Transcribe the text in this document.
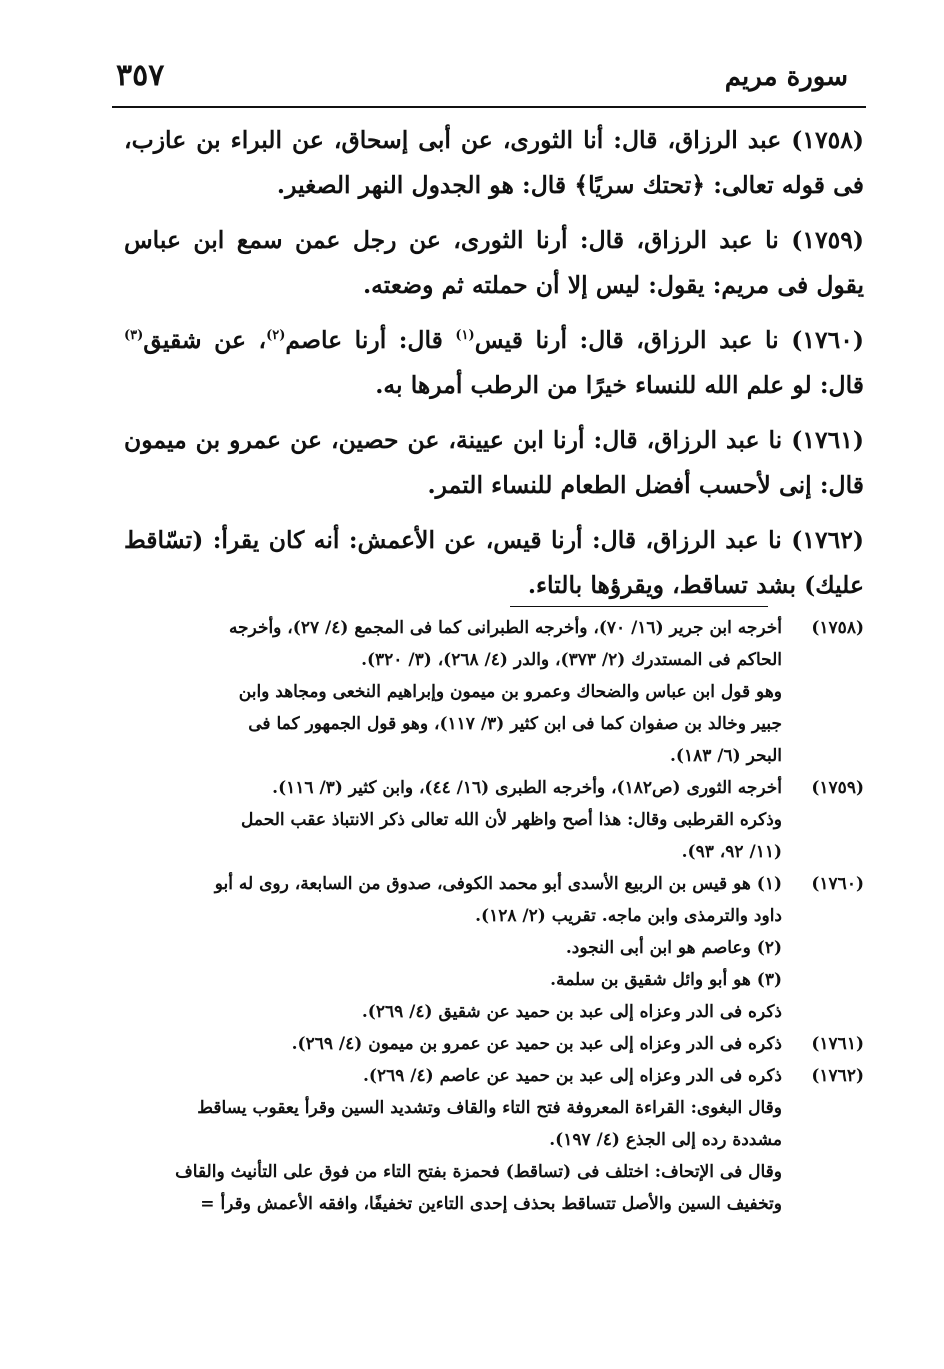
٣٥٧	سورة مريم

(١٧٥٨) عبد الرزاق، قال: أنا الثورى، عن أبى إسحاق، عن البراء بن عازب، فى قوله تعالى: ﴿تحتك سريًا﴾ قال: هو الجدول النهر الصغير.

(١٧٥٩) نا عبد الرزاق، قال: أرنا الثورى، عن رجل عمن سمع ابن عباس يقول فى مريم: يقول: ليس إلا أن حملته ثم وضعته.

(١٧٦٠) نا عبد الرزاق، قال: أرنا قيس$^{(١)}$ قال: أرنا عاصم$^{(٢)}$، عن شقيق$^{(٣)}$ قال: لو علم الله للنساء خيرًا من الرطب أمرها به.

(١٧٦١) نا عبد الرزاق، قال: أرنا ابن عيينة، عن حصين، عن عمرو بن ميمون قال: إنى لأحسب أفضل الطعام للنساء التمر.

(١٧٦٢) نا عبد الرزاق، قال: أرنا قيس، عن الأعمش: أنه كان يقرأ: (تسّاقط عليك) بشد تساقط، ويقرؤها بالتاء.

(١٧٥٨)
أخرجه ابن جرير (١٦/ ٧٠)، وأخرجه الطبرانى كما فى المجمع (٤/ ٢٧)، وأخرجه
الحاكم فى المستدرك (٢/ ٣٧٣)، والدر (٤/ ٢٦٨)، (٣/ ٣٢٠).
وهو قول ابن عباس والضحاك وعمرو بن ميمون وإبراهيم النخعى ومجاهد وابن
جبير وخالد بن صفوان كما فى ابن كثير (٣/ ١١٧)، وهو قول الجمهور كما فى
البحر (٦/ ١٨٣).
(١٧٥٩)
أخرجه الثورى (ص١٨٢)، وأخرجه الطبرى (١٦/ ٤٤)، وابن كثير (٣/ ١١٦).
وذكره القرطبى وقال: هذا أصح واظهر لأن الله تعالى ذكر الانتباذ عقب الحمل
(١١/ ٩٢، ٩٣).
(١٧٦٠)
(١) هو قيس بن الربيع الأسدى أبو محمد الكوفى، صدوق من السابعة، روى له أبو
داود والترمذى وابن ماجه. تقريب (٢/ ١٢٨).
(٢) وعاصم هو ابن أبى النجود.
(٣) هو أبو وائل شقيق بن سلمة.
ذكره فى الدر وعزاه إلى عبد بن حميد عن شقيق (٤/ ٢٦٩).
(١٧٦١)
ذكره فى الدر وعزاه إلى عبد بن حميد عن عمرو بن ميمون (٤/ ٢٦٩).
(١٧٦٢)
ذكره فى الدر وعزاه إلى عبد بن حميد عن عاصم (٤/ ٢٦٩).
وقال البغوى: القراءة المعروفة فتح التاء والقاف وتشديد السين وقرأ يعقوب يساقط
مشددة رده إلى الجذع (٤/ ١٩٧).
وقال فى الإتحاف: اختلف فى (تساقط) فحمزة بفتح التاء من فوق على التأنيث والقاف
وتخفيف السين والأصل تتساقط بحذف إحدى التاءين تخفيفًا، وافقه الأعمش وقرأ =
